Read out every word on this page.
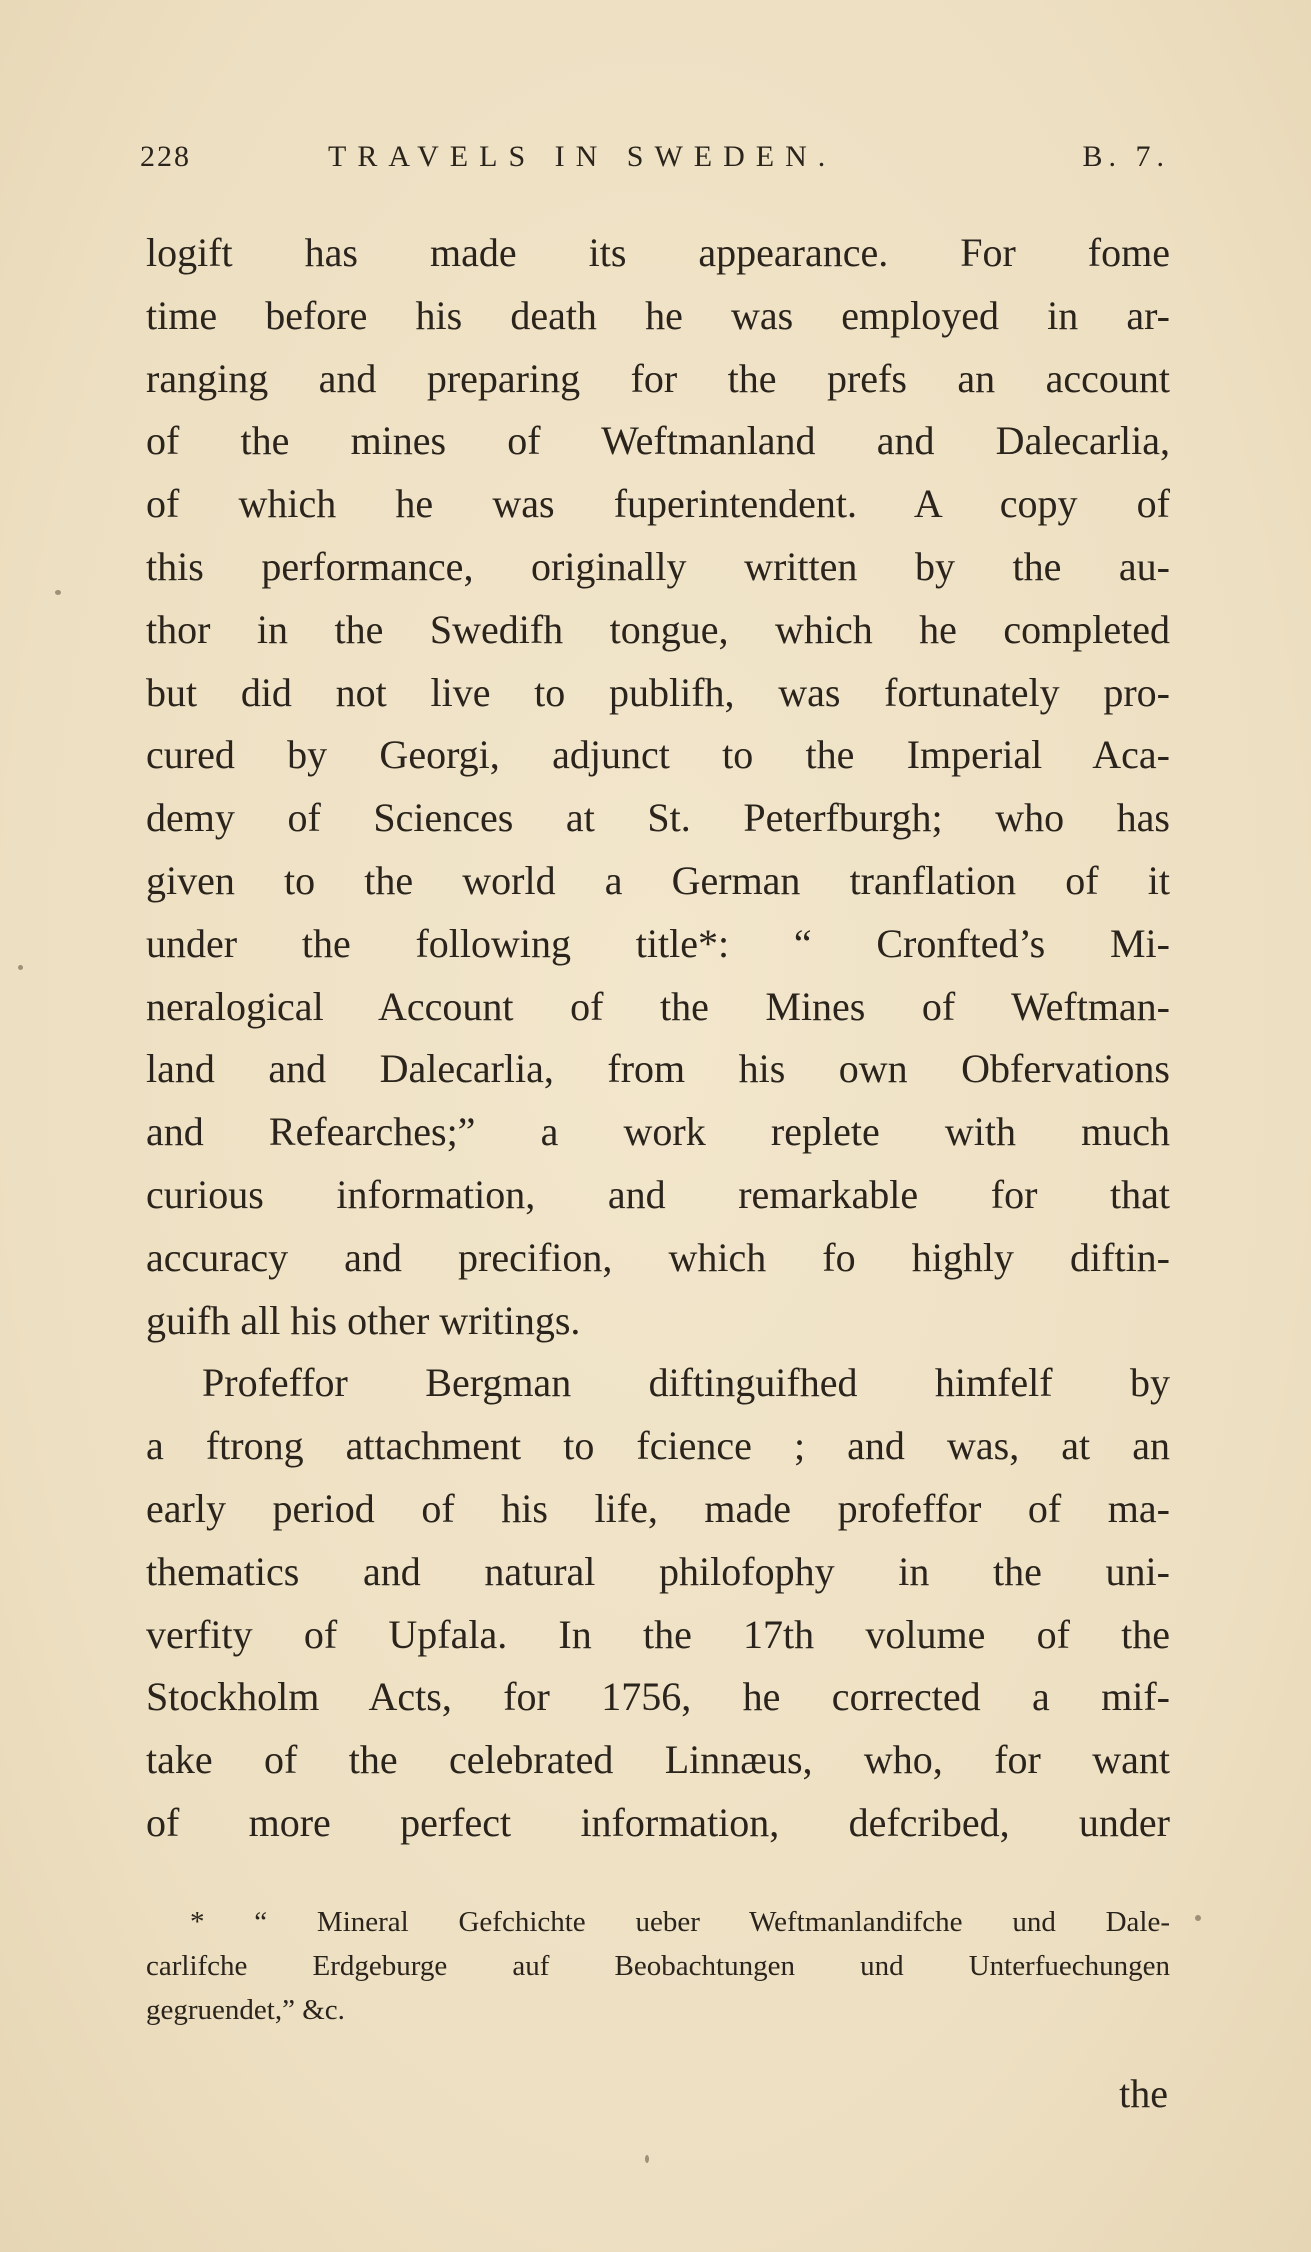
228	TRAVELS IN SWEDEN.	B. 7.
logift has made its appearance. For fome
time before his death he was employed in ar-
ranging and preparing for the prefs an account
of the mines of Weftmanland and Dalecarlia,
of which he was fuperintendent. A copy of
this performance, originally written by the au-
thor in the Swedifh tongue, which he completed
but did not live to publifh, was fortunately pro-
cured by Georgi, adjunct to the Imperial Aca-
demy of Sciences at St. Peterfburgh; who has
given to the world a German tranflation of it
under the following title*: “ Cronfted’s Mi-
neralogical Account of the Mines of Weftman-
land and Dalecarlia, from his own Obfervations
and Refearches;” a work replete with much
curious information, and remarkable for that
accuracy and precifion, which fo highly diftin-
guifh all his other writings.
Profeffor Bergman diftinguifhed himfelf by
a ftrong attachment to fcience ; and was, at an
early period of his life, made profeffor of ma-
thematics and natural philofophy in the uni-
verfity of Upfala. In the 17th volume of the
Stockholm Acts, for 1756, he corrected a mif-
take of the celebrated Linnæus, who, for want
of more perfect information, defcribed, under
* “ Mineral Gefchichte ueber Weftmanlandifche und Dale-
carlifche Erdgeburge auf Beobachtungen und Unterfuechungen
gegruendet,” &c.
the
